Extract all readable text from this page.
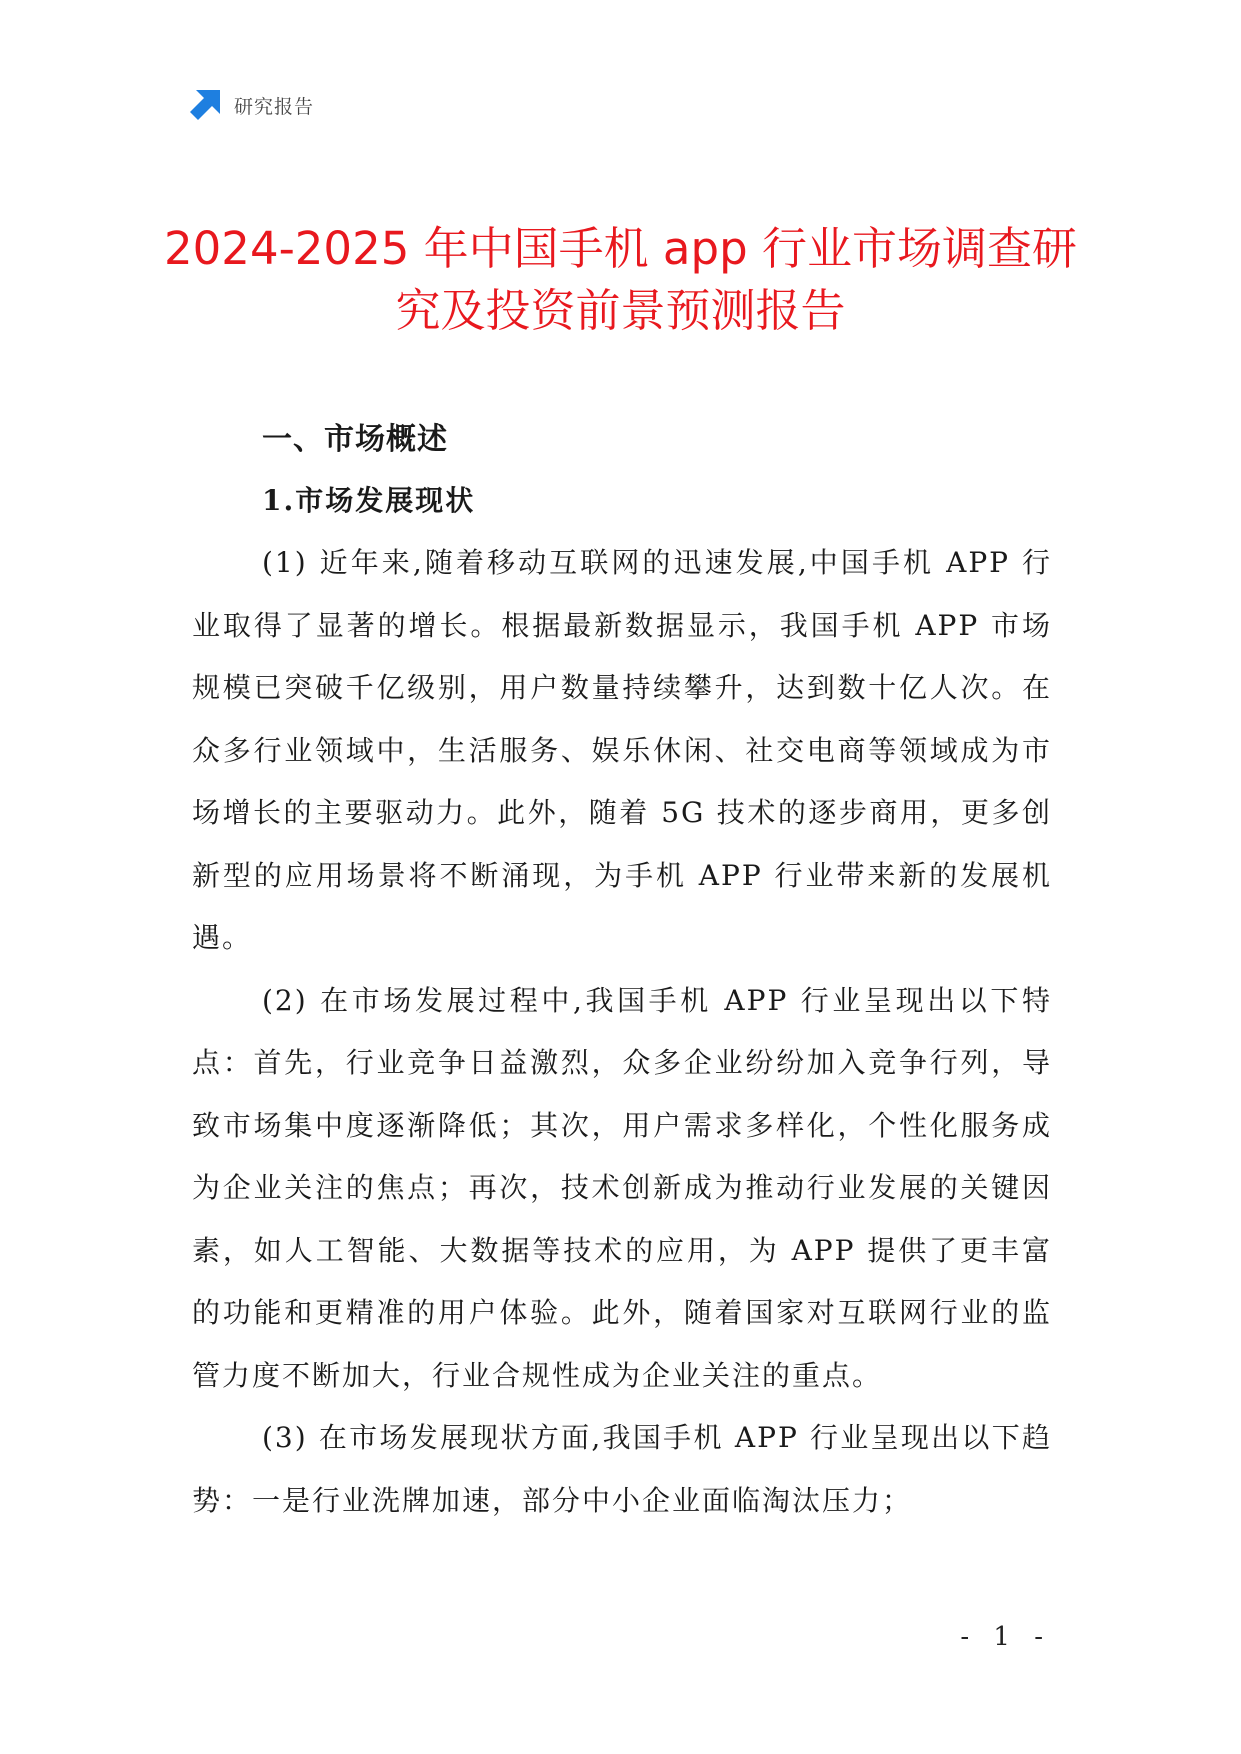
研究报告
2024-2025 年中国手机 app 行业市场调查研
究及投资前景预测报告
一、市场概述
1.市场发展现状

(1) 近年来,随着移动互联网的迅速发展,中国手机 APP 行业取得了显著的增长。根据最新数据显示，我国手机 APP 市场规模已突破千亿级别，用户数量持续攀升，达到数十亿人次。在众多行业领域中，生活服务、娱乐休闲、社交电商等领域成为市场增长的主要驱动力。此外，随着 5G 技术的逐步商用，更多创新型的应用场景将不断涌现，为手机 APP 行业带来新的发展机遇。

(2) 在市场发展过程中,我国手机 APP 行业呈现出以下特点：首先，行业竞争日益激烈，众多企业纷纷加入竞争行列，导致市场集中度逐渐降低；其次，用户需求多样化，个性化服务成为企业关注的焦点；再次，技术创新成为推动行业发展的关键因素，如人工智能、大数据等技术的应用，为 APP 提供了更丰富的功能和更精准的用户体验。此外，随着国家对互联网行业的监管力度不断加大，行业合规性成为企业关注的重点。

(3) 在市场发展现状方面,我国手机 APP 行业呈现出以下趋势：一是行业洗牌加速，部分中小企业面临淘汰压力；

- 1 -
